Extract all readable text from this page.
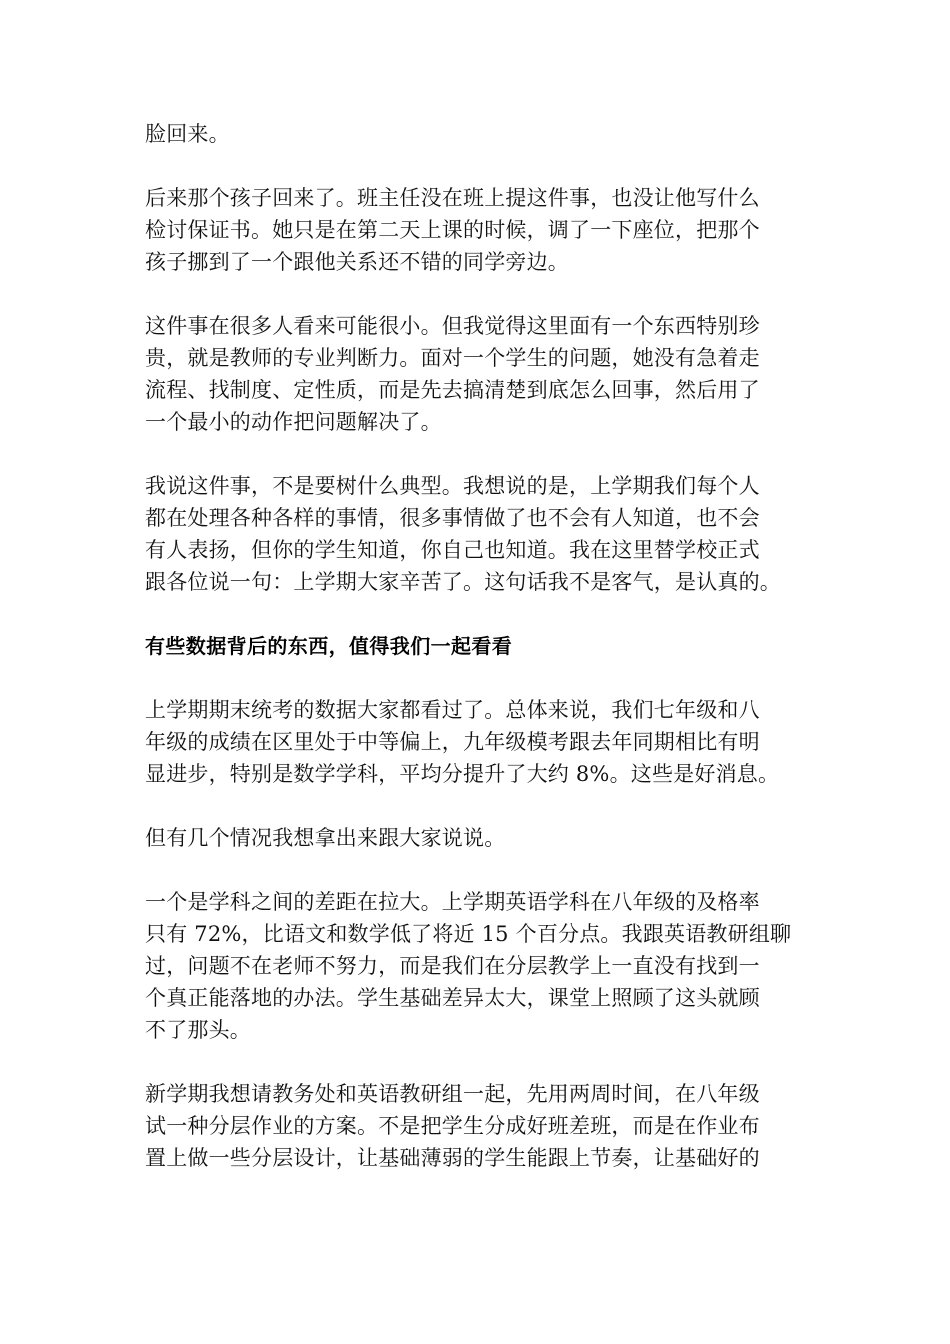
脸回来。

后来那个孩子回来了。班主任没在班上提这件事，也没让他写什么
检讨保证书。她只是在第二天上课的时候，调了一下座位，把那个
孩子挪到了一个跟他关系还不错的同学旁边。

这件事在很多人看来可能很小。但我觉得这里面有一个东西特别珍
贵，就是教师的专业判断力。面对一个学生的问题，她没有急着走
流程、找制度、定性质，而是先去搞清楚到底怎么回事，然后用了
一个最小的动作把问题解决了。

我说这件事，不是要树什么典型。我想说的是，上学期我们每个人
都在处理各种各样的事情，很多事情做了也不会有人知道，也不会
有人表扬，但你的学生知道，你自己也知道。我在这里替学校正式
跟各位说一句：上学期大家辛苦了。这句话我不是客气，是认真的。

有些数据背后的东西，值得我们一起看看

上学期期末统考的数据大家都看过了。总体来说，我们七年级和八
年级的成绩在区里处于中等偏上，九年级模考跟去年同期相比有明
显进步，特别是数学学科，平均分提升了大约 8%。这些是好消息。

但有几个情况我想拿出来跟大家说说。

一个是学科之间的差距在拉大。上学期英语学科在八年级的及格率
只有 72%，比语文和数学低了将近 15 个百分点。我跟英语教研组聊
过，问题不在老师不努力，而是我们在分层教学上一直没有找到一
个真正能落地的办法。学生基础差异太大，课堂上照顾了这头就顾
不了那头。

新学期我想请教务处和英语教研组一起，先用两周时间，在八年级
试一种分层作业的方案。不是把学生分成好班差班，而是在作业布
置上做一些分层设计，让基础薄弱的学生能跟上节奏，让基础好的
